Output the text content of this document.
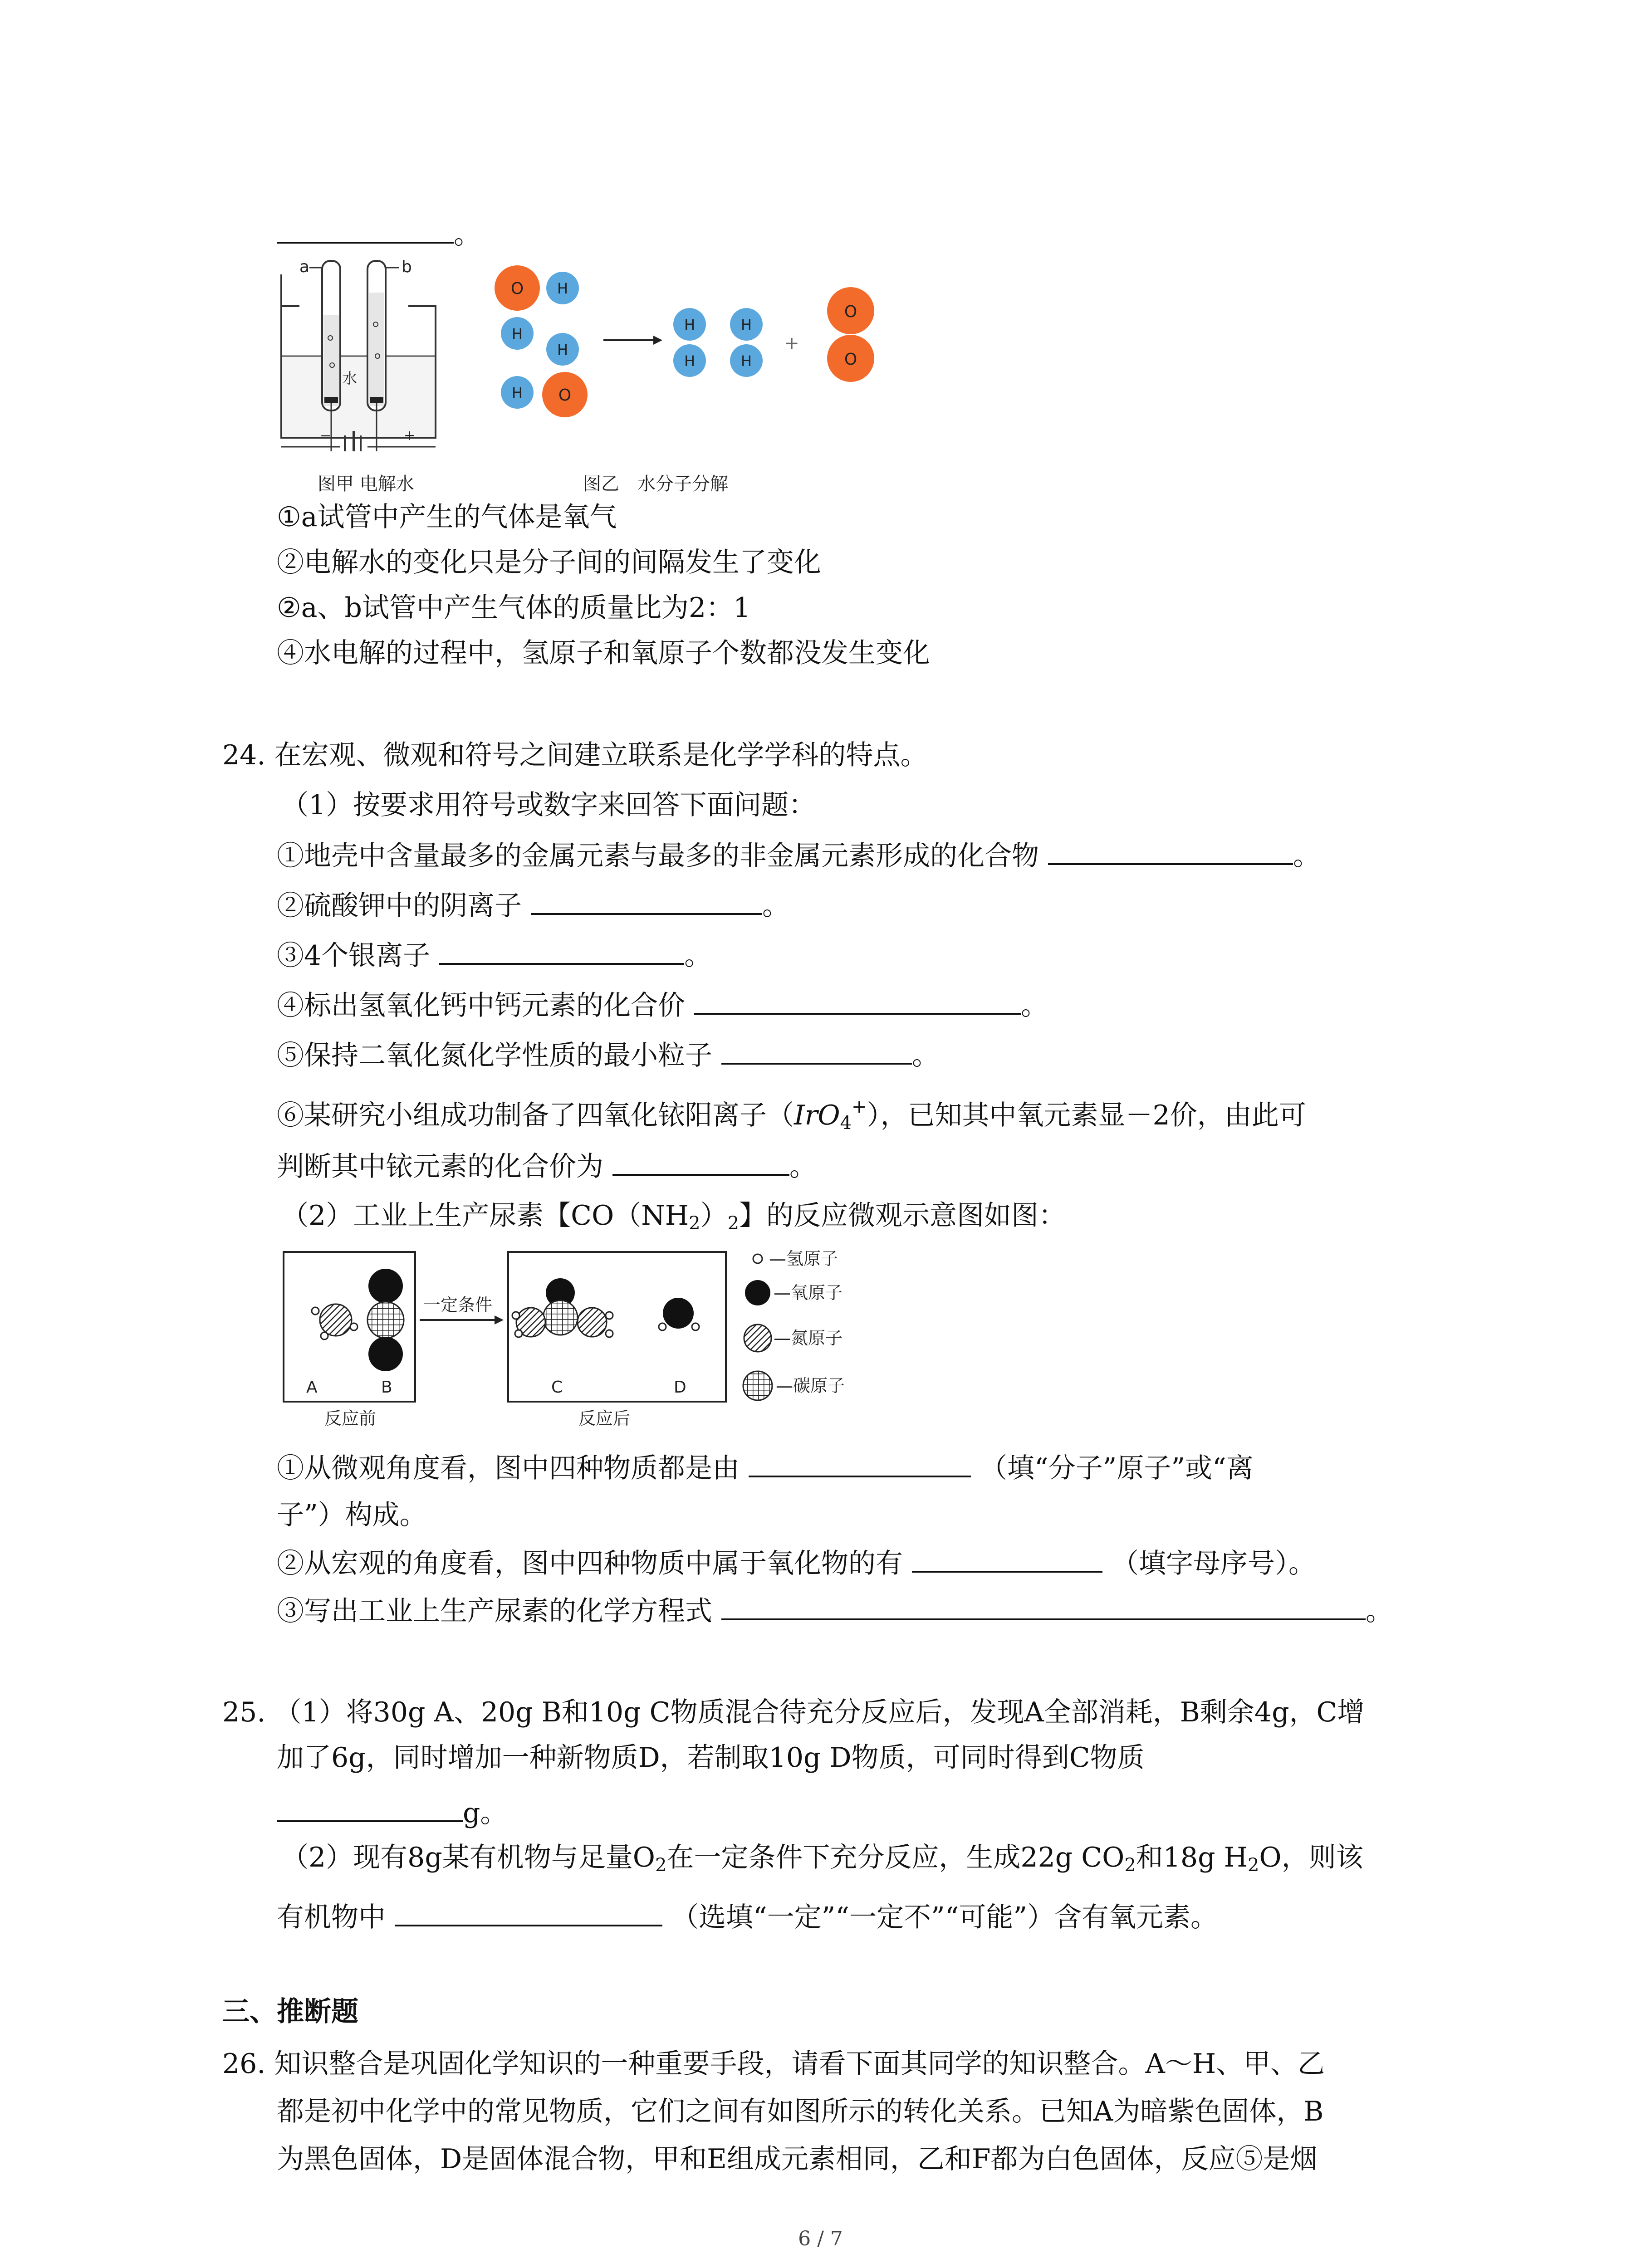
。
a	b
水
−	+
O H
H
H
H O
H
H
H
H
+
O
O
图甲 电解水	图乙　水分子分解
①a试管中产生的气体是氧气
②电解水的变化只是分子间的间隔发生了变化
②a、b试管中产生气体的质量比为2：1
④水电解的过程中，氢原子和氧原子个数都没发生变化
24. 在宏观、微观和符号之间建立联系是化学学科的特点。
（1）按要求用符号或数字来回答下面问题：
①地壳中含量最多的金属元素与最多的非金属元素形成的化合物	。
②硫酸钾中的阴离子	。
③4个银离子	。
④标出氢氧化钙中钙元素的化合价	。
⑤保持二氧化氮化学性质的最小粒子	。
⑥某研究小组成功制备了四氧化铱阳离子（IrO$_4$+），已知其中氧元素显－2价，由此可
判断其中铱元素的化合价为	。
（2）工业上生产尿素【$CO(NH_2)_2$】的反应微观示意图如图：
A	B
反应前
一定条件
C	D
反应后
—氢原子
—氧原子
—氮原子
—碳原子
①从微观角度看，图中四种物质都是由	（填“分子”原子”或“离
子”）构成。
②从宏观的角度看，图中四种物质中属于氧化物的有	（填字母序号）。
③写出工业上生产尿素的化学方程式	。
25. （1）将30g A、20g B和10g C物质混合待充分反应后，发现A全部消耗，B剩余4g，C增
加了6g，同时增加一种新物质D，若制取10g D物质，可同时得到C物质
g。
（2）现有8g某有机物与足量$O_2$在一定条件下充分反应，生成22g $CO_2$和18g $H_2O$，则该
有机物中	（选填“一定”“一定不”“可能”）含有氧元素。
三、推断题
26. 知识整合是巩固化学知识的一种重要手段，请看下面其同学的知识整合。A～H、甲、乙
都是初中化学中的常见物质，它们之间有如图所示的转化关系。已知A为暗紫色固体，B
为黑色固体，D是固体混合物，甲和E组成元素相同，乙和F都为白色固体，反应⑤是烟
6 / 7
